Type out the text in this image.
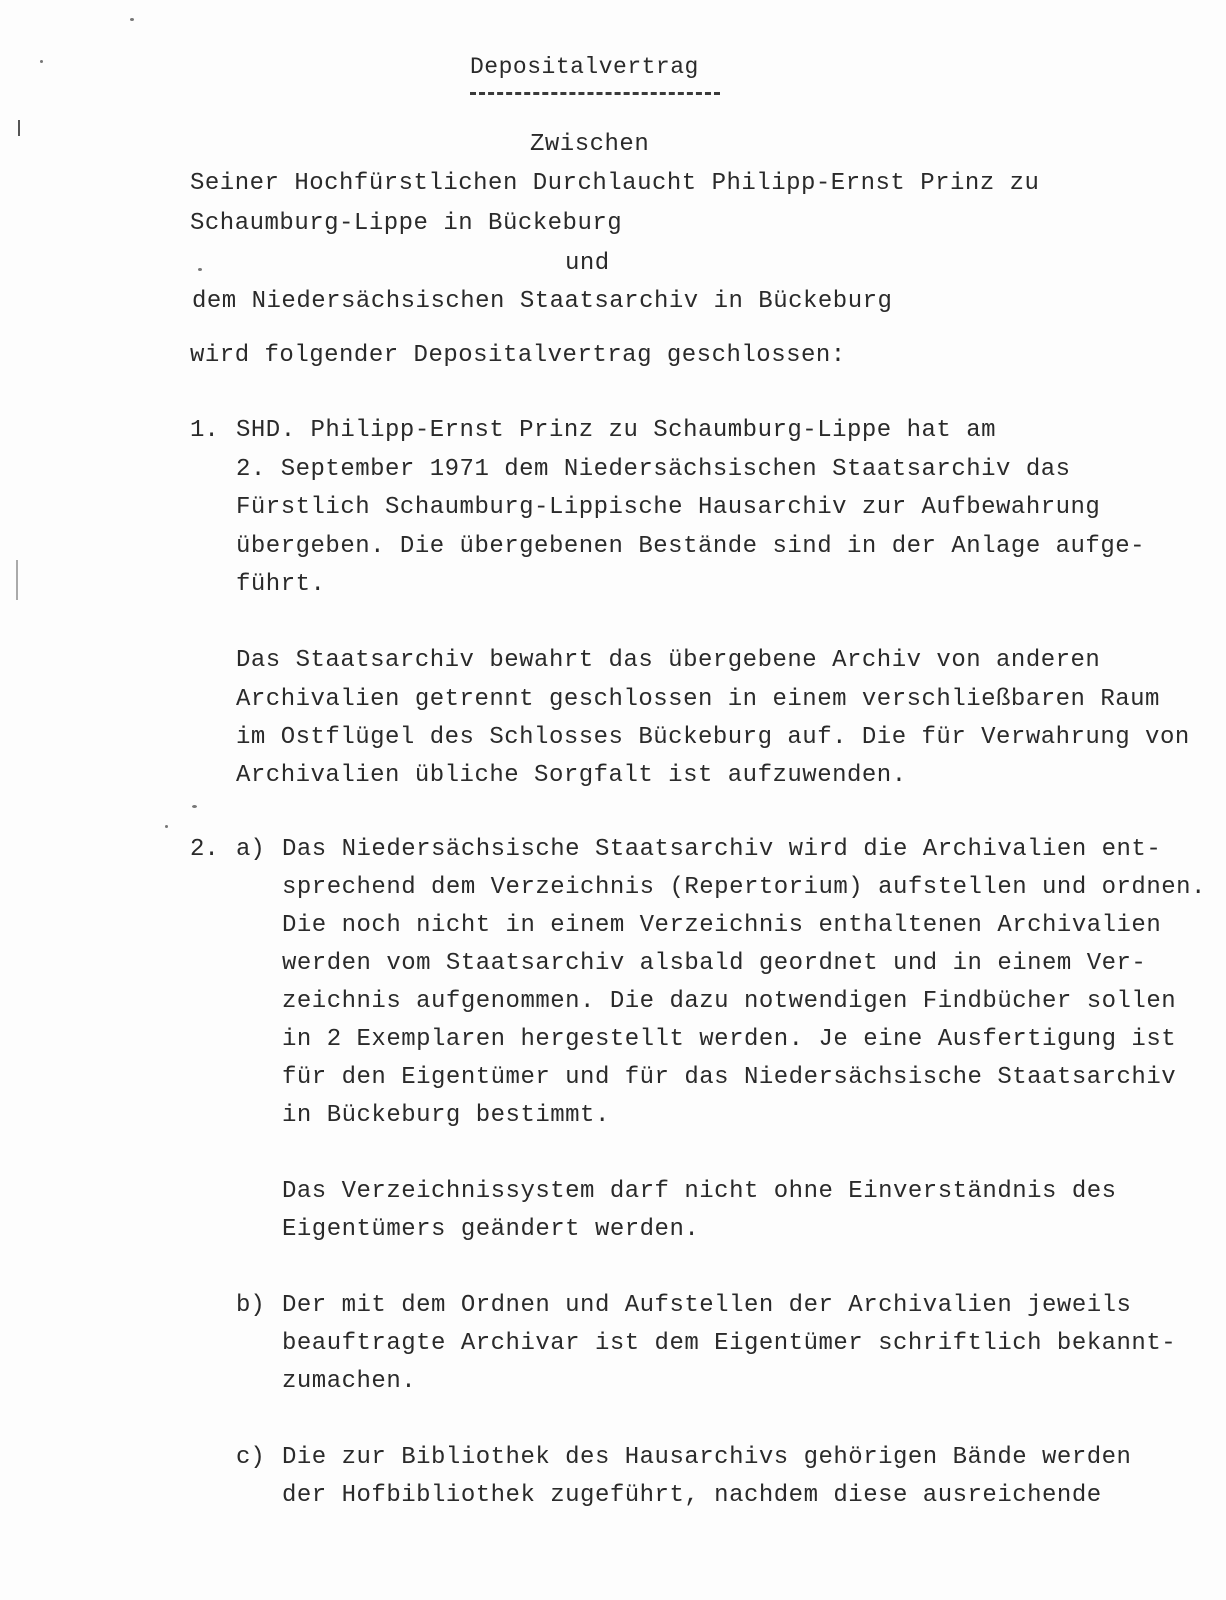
Depositalvertrag
Zwischen
Seiner Hochfürstlichen Durchlaucht Philipp-Ernst Prinz zu
Schaumburg-Lippe in Bückeburg
und
dem Niedersächsischen Staatsarchiv in Bückeburg
wird folgender Depositalvertrag geschlossen:
1. SHD. Philipp-Ernst Prinz zu Schaumburg-Lippe hat am
2. September 1971 dem Niedersächsischen Staatsarchiv das
Fürstlich Schaumburg-Lippische Hausarchiv zur Aufbewahrung
übergeben. Die übergebenen Bestände sind in der Anlage aufge-
führt.
Das Staatsarchiv bewahrt das übergebene Archiv von anderen
Archivalien getrennt geschlossen in einem verschließbaren Raum
im Ostflügel des Schlosses Bückeburg auf. Die für Verwahrung von
Archivalien übliche Sorgfalt ist aufzuwenden.
2. a) Das Niedersächsische Staatsarchiv wird die Archivalien ent-
sprechend dem Verzeichnis (Repertorium) aufstellen und ordnen.
Die noch nicht in einem Verzeichnis enthaltenen Archivalien
werden vom Staatsarchiv alsbald geordnet und in einem Ver-
zeichnis aufgenommen. Die dazu notwendigen Findbücher sollen
in 2 Exemplaren hergestellt werden. Je eine Ausfertigung ist
für den Eigentümer und für das Niedersächsische Staatsarchiv
in Bückeburg bestimmt.
Das Verzeichnissystem darf nicht ohne Einverständnis des
Eigentümers geändert werden.
b) Der mit dem Ordnen und Aufstellen der Archivalien jeweils
beauftragte Archivar ist dem Eigentümer schriftlich bekannt-
zumachen.
c) Die zur Bibliothek des Hausarchivs gehörigen Bände werden
der Hofbibliothek zugeführt, nachdem diese ausreichende
